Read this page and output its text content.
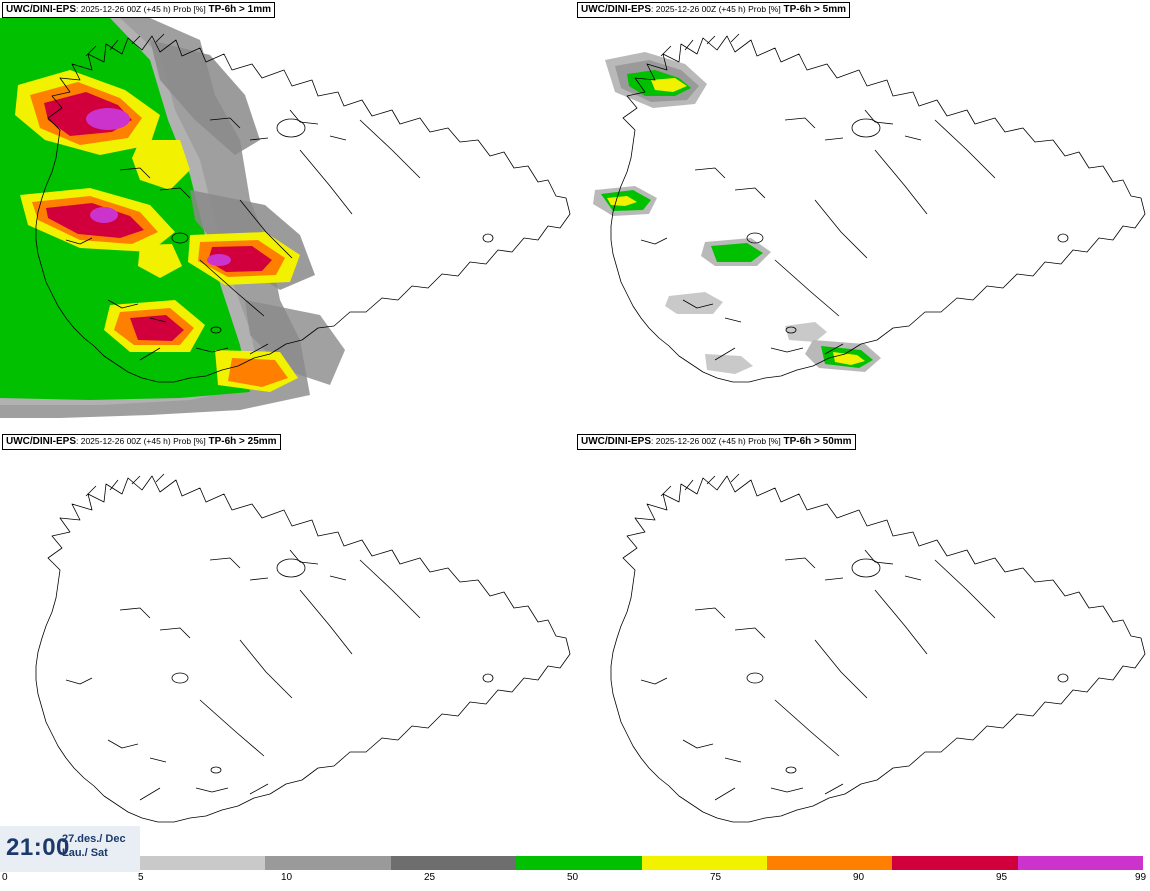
UWC/DINI-EPS: 2025-12-26 00Z (+45 h) Prob [%] TP-6h > 1mm	UWC/DINI-EPS: 2025-12-26 00Z (+45 h) Prob [%] TP-6h > 5mm
UWC/DINI-EPS: 2025-12-26 00Z (+45 h) Prob [%] TP-6h > 25mm	UWC/DINI-EPS: 2025-12-26 00Z (+45 h) Prob [%] TP-6h > 50mm
21:00
27.des./ Dec
Lau./ Sat
0	5	10	25	50	75	90	95	99
